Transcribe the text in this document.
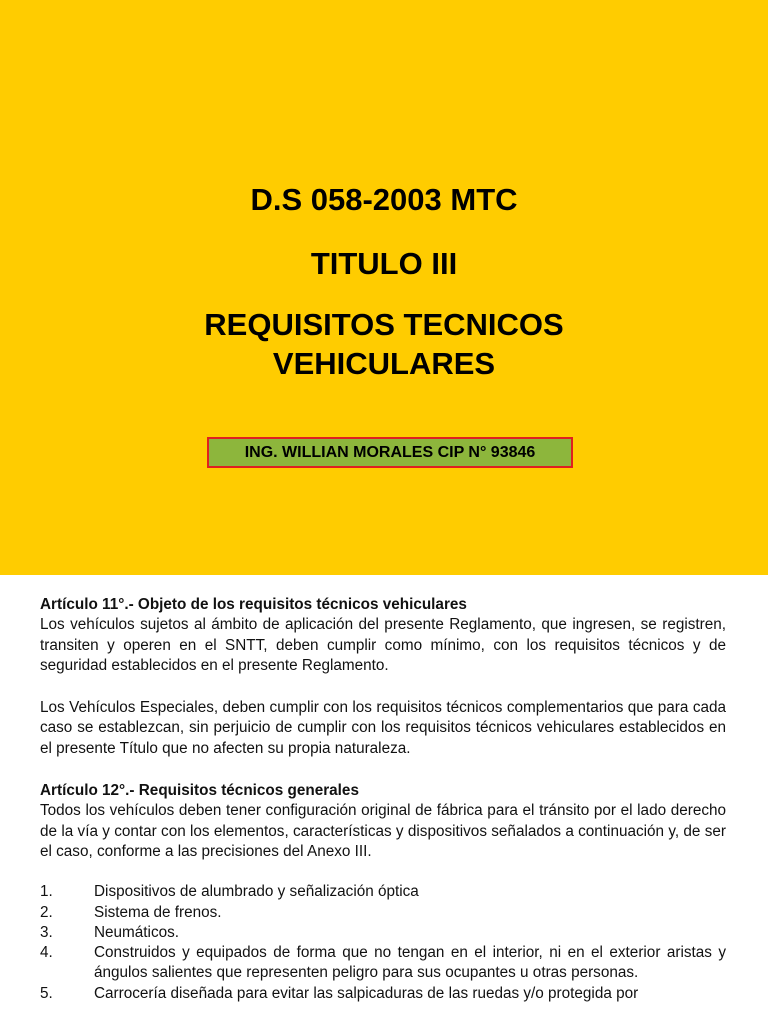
D.S 058-2003 MTC
TITULO III
REQUISITOS TECNICOS
VEHICULARES
ING. WILLIAN MORALES CIP N° 93846

Artículo 11°.- Objeto de los requisitos técnicos vehiculares

Los vehículos sujetos al ámbito de aplicación del presente Reglamento, que ingresen, se registren, transiten y operen en el SNTT, deben cumplir como mínimo, con los requisitos técnicos y de seguridad establecidos en el presente Reglamento.

Los Vehículos Especiales, deben cumplir con los requisitos técnicos complementarios que para cada caso se establezcan, sin perjuicio de cumplir con los requisitos técnicos vehiculares establecidos en el presente Título que no afecten su propia naturaleza.

Artículo 12°.- Requisitos técnicos generales

Todos los vehículos deben tener configuración original de fábrica para el tránsito por el lado derecho de la vía y contar con los elementos, características y dispositivos señalados a continuación y, de ser el caso, conforme a las precisiones del Anexo III.

1.	Dispositivos de alumbrado y señalización óptica
2.	Sistema de frenos.
3.	Neumáticos.
4.	Construidos y equipados de forma que no tengan en el interior, ni en el exterior aristas y ángulos salientes que representen peligro para sus ocupantes u otras personas.
5.	Carrocería diseñada para evitar las salpicaduras de las ruedas y/o protegida por
